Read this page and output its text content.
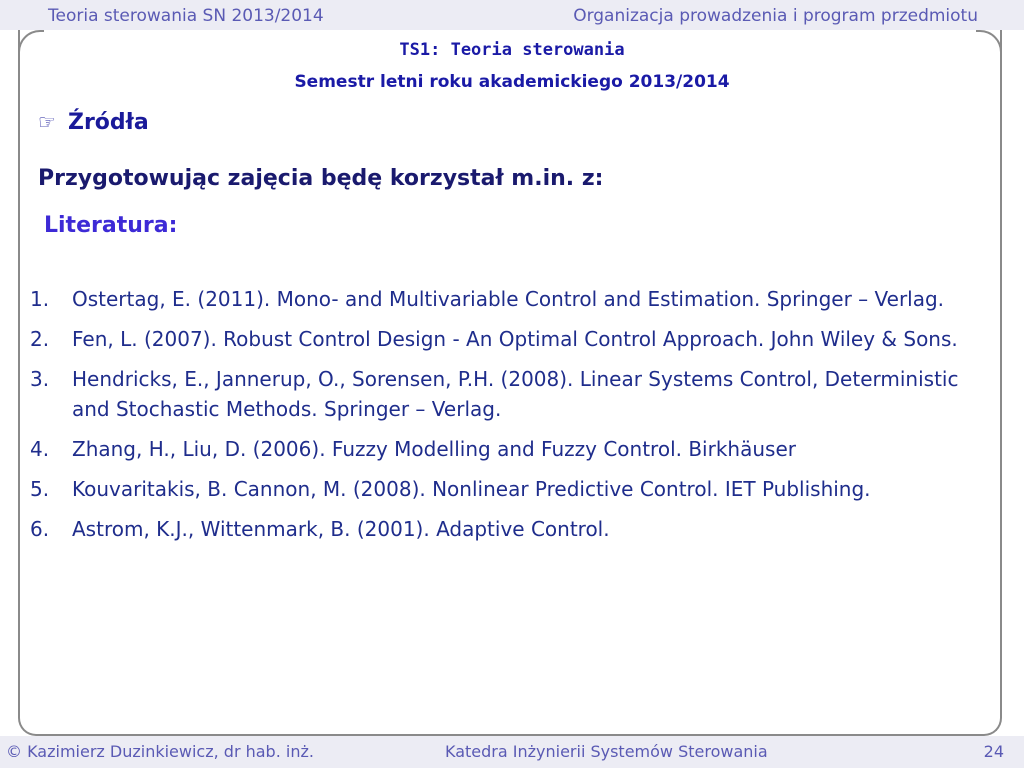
Teoria sterowania SN 2013/2014	Organizacja prowadzenia i program przedmiotu
TS1: Teoria sterowania
Semestr letni roku akademickiego 2013/2014
☞ Źródła
Przygotowując zajęcia będę korzystał m.in. z:
Literatura:
1.	Ostertag, E. (2011). Mono- and Multivariable Control and Estimation. Springer – Verlag.
2.	Fen, L. (2007). Robust Control Design - An Optimal Control Approach. John Wiley & Sons.
3.	Hendricks, E., Jannerup, O., Sorensen, P.H. (2008). Linear Systems Control, Deterministic and Stochastic Methods. Springer – Verlag.
4.	Zhang, H., Liu, D. (2006). Fuzzy Modelling and Fuzzy Control. Birkhäuser
5.	Kouvaritakis, B. Cannon, M. (2008). Nonlinear Predictive Control. IET Publishing.
6.	Astrom, K.J., Wittenmark, B. (2001). Adaptive Control.
© Kazimierz Duzinkiewicz, dr hab. inż.	Katedra Inżynierii Systemów Sterowania	24
